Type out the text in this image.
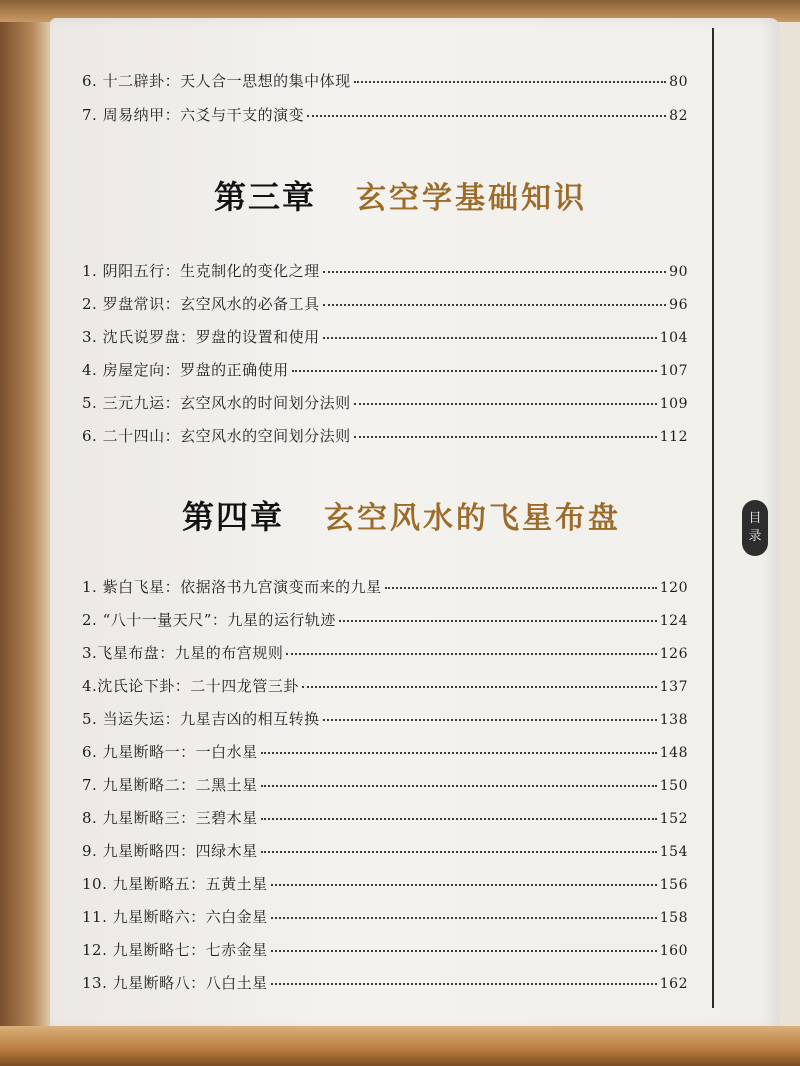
6. 十二辟卦：天人合一思想的集中体现	80
7. 周易纳甲：六爻与干支的演变	82
第三章 玄空学基础知识
1. 阴阳五行：生克制化的变化之理	90
2. 罗盘常识：玄空风水的必备工具	96
3. 沈氏说罗盘：罗盘的设置和使用	104
4. 房屋定向：罗盘的正确使用	107
5. 三元九运：玄空风水的时间划分法则	109
6. 二十四山：玄空风水的空间划分法则	112
第四章 玄空风水的飞星布盘
1. 紫白飞星：依据洛书九宫演变而来的九星	120
2. “八十一量天尺”：九星的运行轨迹	124
3.飞星布盘：九星的布宫规则	126
4.沈氏论下卦：二十四龙管三卦	137
5. 当运失运：九星吉凶的相互转换	138
6. 九星断略一：一白水星	148
7. 九星断略二：二黑土星	150
8. 九星断略三：三碧木星	152
9. 九星断略四：四绿木星	154
10. 九星断略五：五黄土星	156
11. 九星断略六：六白金星	158
12. 九星断略七：七赤金星	160
13. 九星断略八：八白土星	162
目
录
